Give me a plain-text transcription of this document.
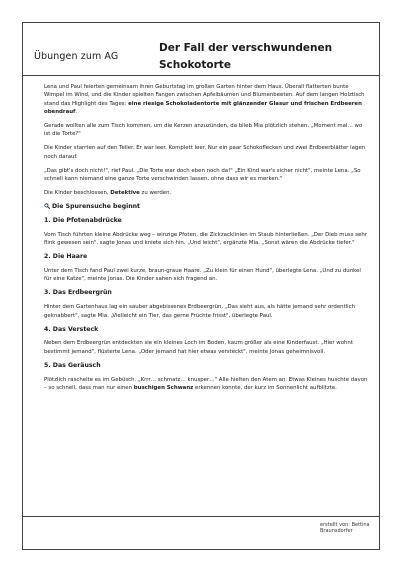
Übungen zum AG
Der Fall der verschwundenen
Schokotorte

Lena und Paul feierten gemeinsam ihren Geburtstag im großen Garten hinter dem Haus. Überall flatterten bunte Wimpel im Wind, und die Kinder spielten Fangen zwischen Apfelbäumen und Blumenbeeten. Auf dem langen Holztisch stand das Highlight des Tages: eine riesige Schokoladentorte mit glänzender Glasur und frischen Erdbeeren obendrauf.

Gerade wollten alle zum Tisch kommen, um die Kerzen anzuzünden, da blieb Mia plötzlich stehen. „Moment mal… wo ist die Torte?"

Die Kinder starrten auf den Teller. Er war leer. Komplett leer. Nur ein paar Schokoflecken und zwei Erdbeerblätter lagen noch darauf.

„Das gibt's doch nicht!", rief Paul. „Die Torte war doch eben noch da!" „Ein Kind war's sicher nicht", meinte Lena. „So schnell kann niemand eine ganze Torte verschwinden lassen, ohne dass wir es merken."

Die Kinder beschlossen, Detektive zu werden.

Die Spurensuche beginnt
1. Die Pfotenabdrücke

Vom Tisch führten kleine Abdrücke weg – winzige Pfoten, die Zickzacklinien im Staub hinterließen. „Der Dieb muss sehr flink gewesen sein", sagte Jonas und kniete sich hin. „Und leicht", ergänzte Mia. „Sonst wären die Abdrücke tiefer."

2. Die Haare

Unter dem Tisch fand Paul zwei kurze, braun-graue Haare. „Zu klein für einen Hund", überlegte Lena. „Und zu dunkel für eine Katze", meinte Jonas. Die Kinder sahen sich fragend an.

3. Das Erdbeergrün

Hinter dem Gartenhaus lag ein sauber abgebissenes Erdbeergrün. „Das sieht aus, als hätte jemand sehr ordentlich geknabbert", sagte Mia. „Vielleicht ein Tier, das gerne Früchte frisst", überlegte Paul.

4. Das Versteck

Neben dem Erdbeergrün entdeckten sie ein kleines Loch im Boden, kaum größer als eine Kinderfaust. „Hier wohnt bestimmt jemand", flüsterte Lena. „Oder jemand hat hier etwas versteckt", meinte Jonas geheimnisvoll.

5. Das Geräusch

Plötzlich raschelte es im Gebüsch. „Krrr… schmatz… knusper…" Alle hielten den Atem an. Etwas Kleines huschte davon – so schnell, dass man nur einen buschigen Schwanz erkennen konnte, der kurz im Sonnenlicht aufblitzte.

erstellt von: Bettina Braunsdorfer
